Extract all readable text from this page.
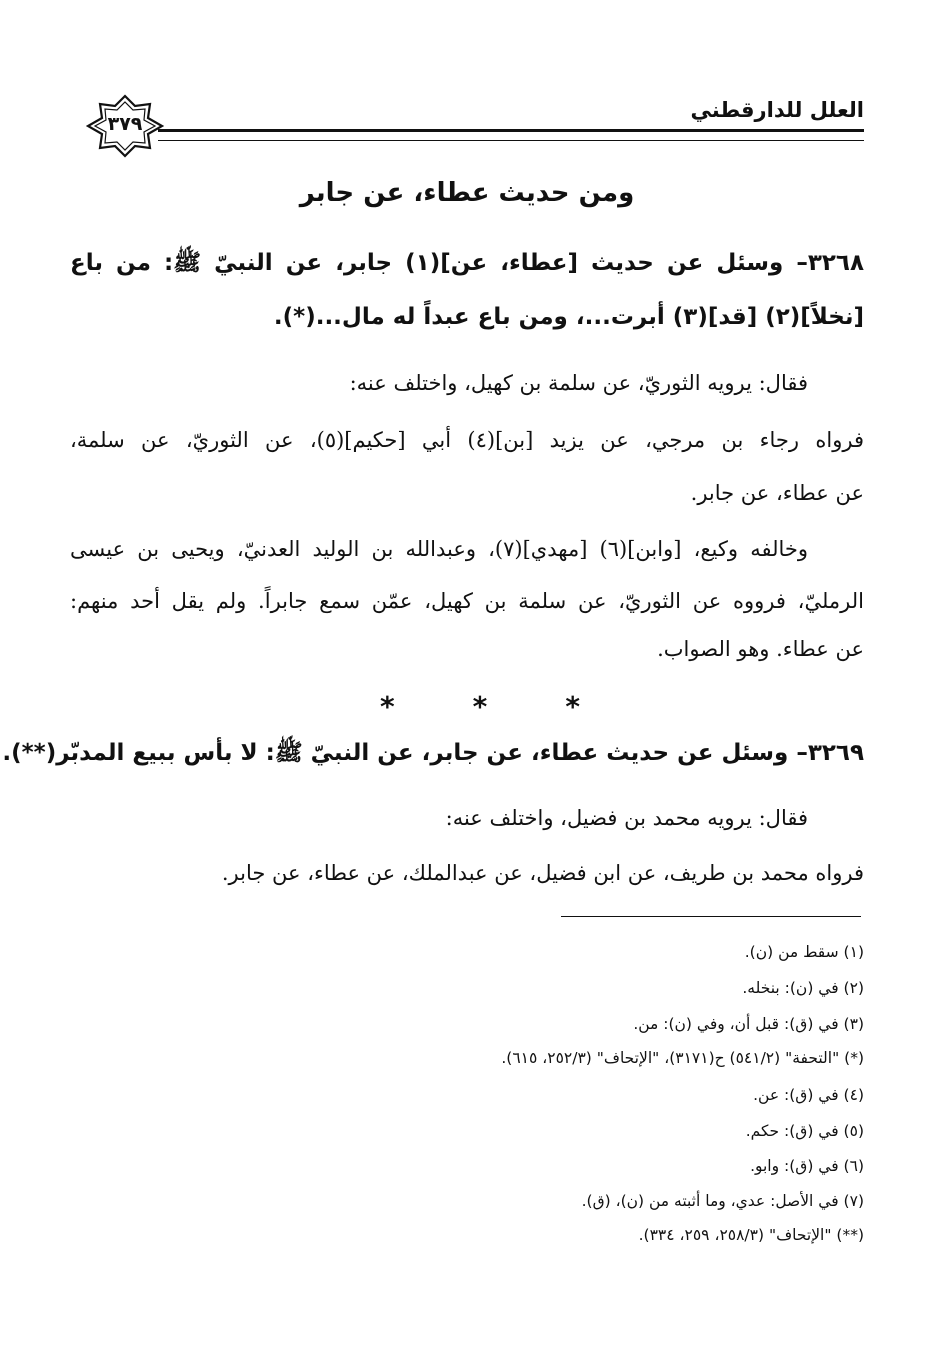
العلل للدارقطني
٣٧٩
ومن حديث عطاء، عن جابر
٣٢٦٨– وسئل عن حديث [عطاء، عن](١) جابر، عن النبيّ ﷺ: من باع
[نخلاً](٢) [قد](٣) أبرت...، ومن باع عبداً له مال...(*).
فقال: يرويه الثوريّ، عن سلمة بن كهيل، واختلف عنه:
فرواه رجاء بن مرجي، عن يزيد [بن](٤) أبي [حكيم](٥)، عن الثوريّ، عن سلمة،
عن عطاء، عن جابر.
وخالفه وكيع، [وابن](٦) [مهدي](٧)، وعبدالله بن الوليد العدنيّ، ويحيى بن عيسى
الرمليّ، فرووه عن الثوريّ، عن سلمة بن كهيل، عمّن سمع جابراً. ولم يقل أحد منهم:
عن عطاء. وهو الصواب.
*	*	*
٣٢٦٩– وسئل عن حديث عطاء، عن جابر، عن النبيّ ﷺ: لا بأس ببيع المدبّر(**).
فقال: يرويه محمد بن فضيل، واختلف عنه:
فرواه محمد بن طريف، عن ابن فضيل، عن عبدالملك، عن عطاء، عن جابر.
(١) سقط من (ن).
(٢) في (ن): بنخله.
(٣) في (ق): قبل أن، وفي (ن): من.
(*) "التحفة" (٥٤١/٢) ح(٣١٧١)، "الإتحاف" (٢٥٢/٣، ٦١٥).
(٤) في (ق): عن.
(٥) في (ق): حكم.
(٦) في (ق): وابو.
(٧) في الأصل: عدي، وما أثبته من (ن)، (ق).
(**) "الإتحاف" (٢٥٨/٣، ٢٥٩، ٣٣٤).
